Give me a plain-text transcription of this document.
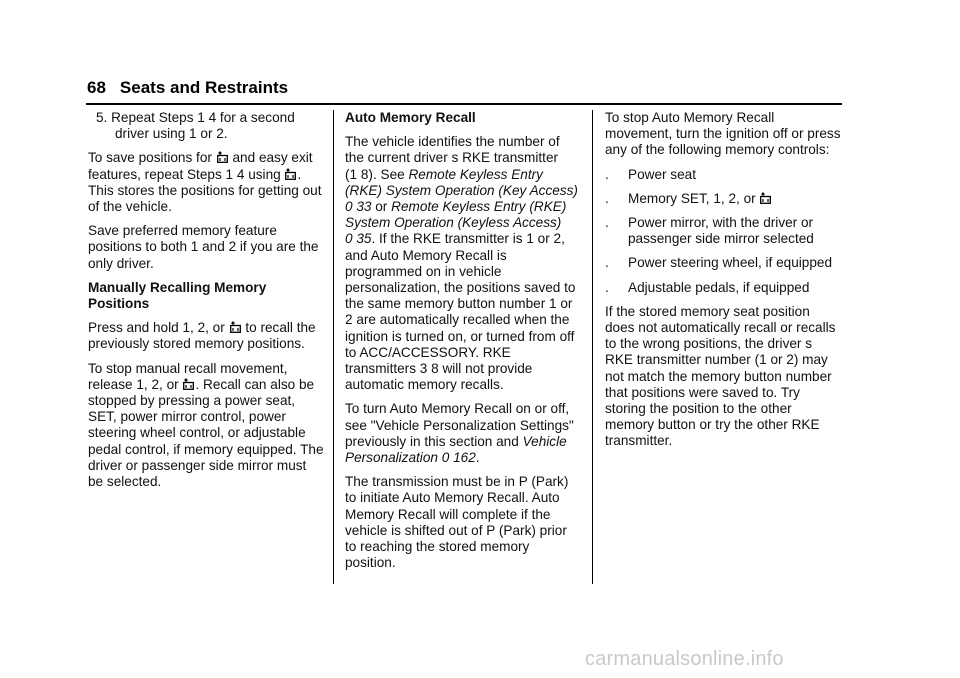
68 Seats and Restraints

5. Repeat Steps 1 4 for a second driver using 1 or 2.

To save positions for and easy exit features, repeat Steps 1 4 using . This stores the positions for getting out of the vehicle.

Save preferred memory feature positions to both 1 and 2 if you are the only driver.

Manually Recalling Memory Positions

Press and hold 1, 2, or to recall the previously stored memory positions.

To stop manual recall movement, release 1, 2, or . Recall can also be stopped by pressing a power seat, SET, power mirror control, power steering wheel control, or adjustable pedal control, if memory equipped. The driver or passenger side mirror must be selected.

Auto Memory Recall

The vehicle identifies the number of the current driver s RKE transmitter (1 8). See Remote Keyless Entry (RKE) System Operation (Key Access) 0 33 or Remote Keyless Entry (RKE) System Operation (Keyless Access) 0 35. If the RKE transmitter is 1 or 2, and Auto Memory Recall is programmed on in vehicle personalization, the positions saved to the same memory button number 1 or 2 are automatically recalled when the ignition is turned on, or turned from off to ACC/ACCESSORY. RKE transmitters 3 8 will not provide automatic memory recalls.

To turn Auto Memory Recall on or off, see "Vehicle Personalization Settings" previously in this section and Vehicle Personalization 0 162.

The transmission must be in P (Park) to initiate Auto Memory Recall. Auto Memory Recall will complete if the vehicle is shifted out of P (Park) prior to reaching the stored memory position.

To stop Auto Memory Recall movement, turn the ignition off or press any of the following memory controls:

. Power seat
. Memory SET, 1, 2, or
. Power mirror, with the driver or passenger side mirror selected
. Power steering wheel, if equipped
. Adjustable pedals, if equipped

If the stored memory seat position does not automatically recall or recalls to the wrong positions, the driver s RKE transmitter number (1 or 2) may not match the memory button number that positions were saved to. Try storing the position to the other memory button or try the other RKE transmitter.

carmanualsonline.info
